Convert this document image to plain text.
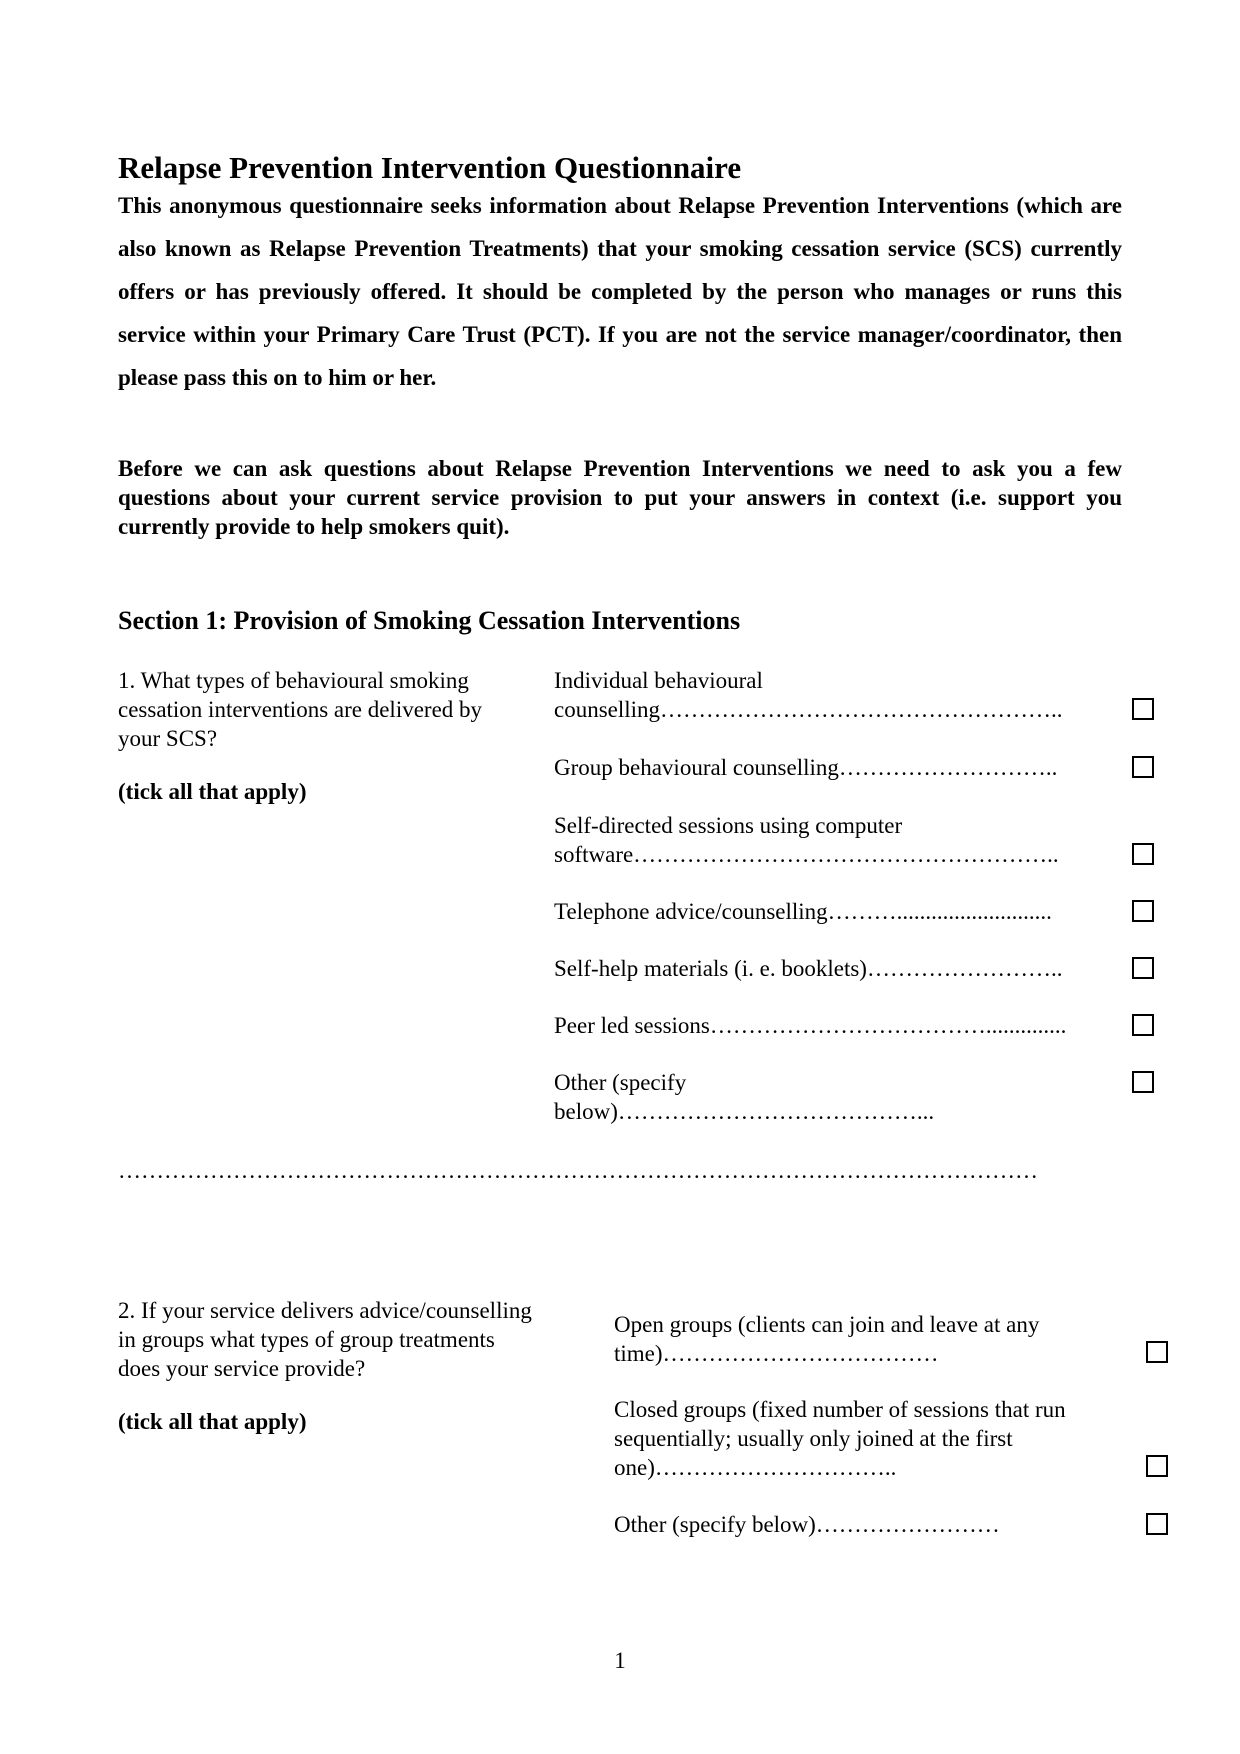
Relapse Prevention Intervention Questionnaire
This anonymous questionnaire seeks information about Relapse Prevention Interventions (which are also known as Relapse Prevention Treatments) that your smoking cessation service (SCS) currently offers or has previously offered. It should be completed by the person who manages or runs this service within your Primary Care Trust (PCT). If you are not the service manager/coordinator, then please pass this on to him or her.
Before we can ask questions about Relapse Prevention Interventions we need to ask you a few questions about your current service provision to put your answers in context (i.e. support you currently provide to help smokers quit).
Section 1: Provision of Smoking Cessation Interventions
1. What types of behavioural smoking cessation interventions are delivered by your SCS?
(tick all that apply)
Individual behavioural counselling……………………………………………..
Group behavioural counselling………………………..
Self-directed sessions using computer software………………………………………………..
Telephone advice/counselling………...........................
Self-help materials (i. e. booklets)……………………..
Peer led sessions………………………………..............
Other (specify below)…………………………………...
…………………………………………………………………………………………………………
2. If your service delivers advice/counselling in groups what types of group treatments does your service provide?
(tick all that apply)
Open groups (clients can join and leave at any time)………………………………
Closed groups (fixed number of sessions that run sequentially; usually only joined at the first one)…………………………..
Other (specify below)……………………
1
